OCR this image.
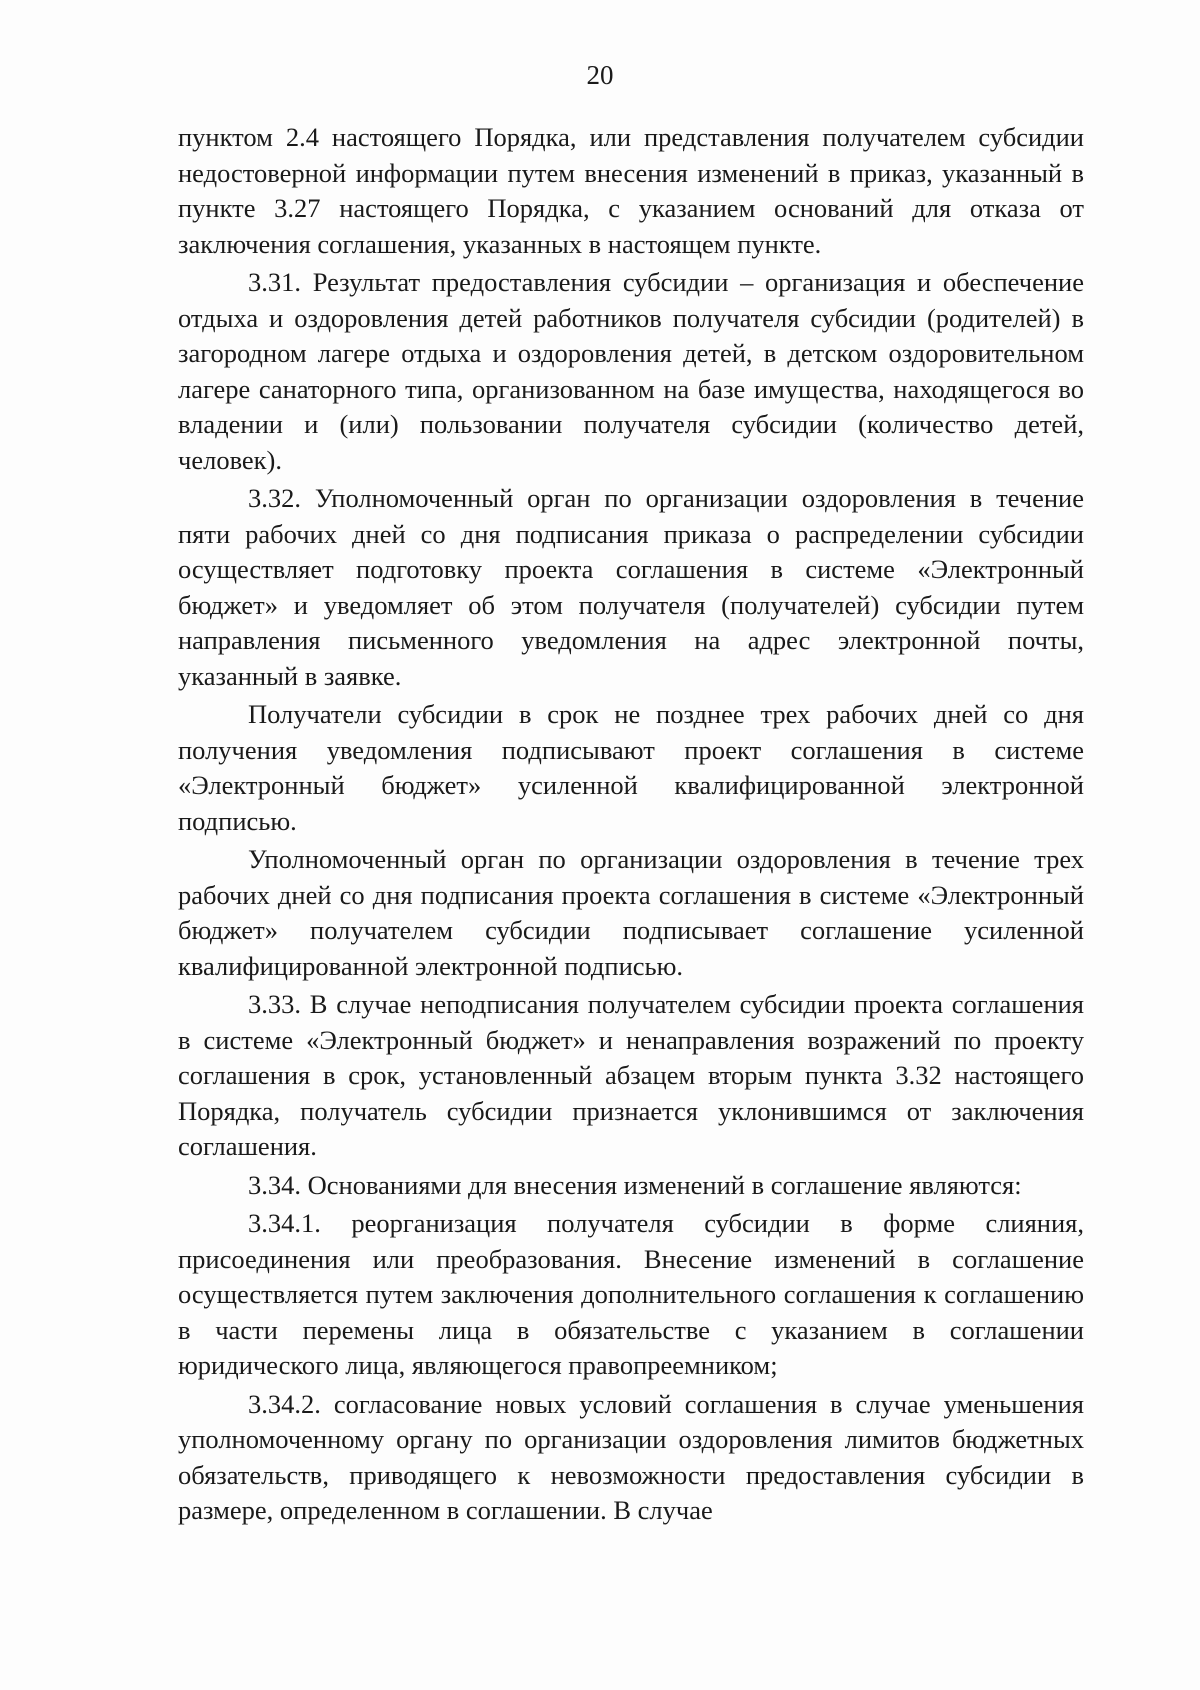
20

пунктом 2.4 настоящего Порядка, или представления получателем субсидии недостоверной информации путем внесения изменений в приказ, указанный в пункте 3.27 настоящего Порядка, с указанием оснований для отказа от заключения соглашения, указанных в настоящем пункте.

3.31. Результат предоставления субсидии – организация и обеспечение отдыха и оздоровления детей работников получателя субсидии (родителей) в загородном лагере отдыха и оздоровления детей, в детском оздоровительном лагере санаторного типа, организованном на базе имущества, находящегося во владении и (или) пользовании получателя субсидии (количество детей, человек).

3.32. Уполномоченный орган по организации оздоровления в течение пяти рабочих дней со дня подписания приказа о распределении субсидии осуществляет подготовку проекта соглашения в системе «Электронный бюджет» и уведомляет об этом получателя (получателей) субсидии путем направления письменного уведомления на адрес электронной почты, указанный в заявке.

Получатели субсидии в срок не позднее трех рабочих дней со дня получения уведомления подписывают проект соглашения в системе «Электронный бюджет» усиленной квалифицированной электронной подписью.

Уполномоченный орган по организации оздоровления в течение трех рабочих дней со дня подписания проекта соглашения в системе «Электронный бюджет» получателем субсидии подписывает соглашение усиленной квалифицированной электронной подписью.

3.33. В случае неподписания получателем субсидии проекта соглашения в системе «Электронный бюджет» и ненаправления возражений по проекту соглашения в срок, установленный абзацем вторым пункта 3.32 настоящего Порядка, получатель субсидии признается уклонившимся от заключения соглашения.

3.34. Основаниями для внесения изменений в соглашение являются:

3.34.1. реорганизация получателя субсидии в форме слияния, присоединения или преобразования. Внесение изменений в соглашение осуществляется путем заключения дополнительного соглашения к соглашению в части перемены лица в обязательстве с указанием в соглашении юридического лица, являющегося правопреемником;

3.34.2. согласование новых условий соглашения в случае уменьшения уполномоченному органу по организации оздоровления лимитов бюджетных обязательств, приводящего к невозможности предоставления субсидии в размере, определенном в соглашении. В случае
